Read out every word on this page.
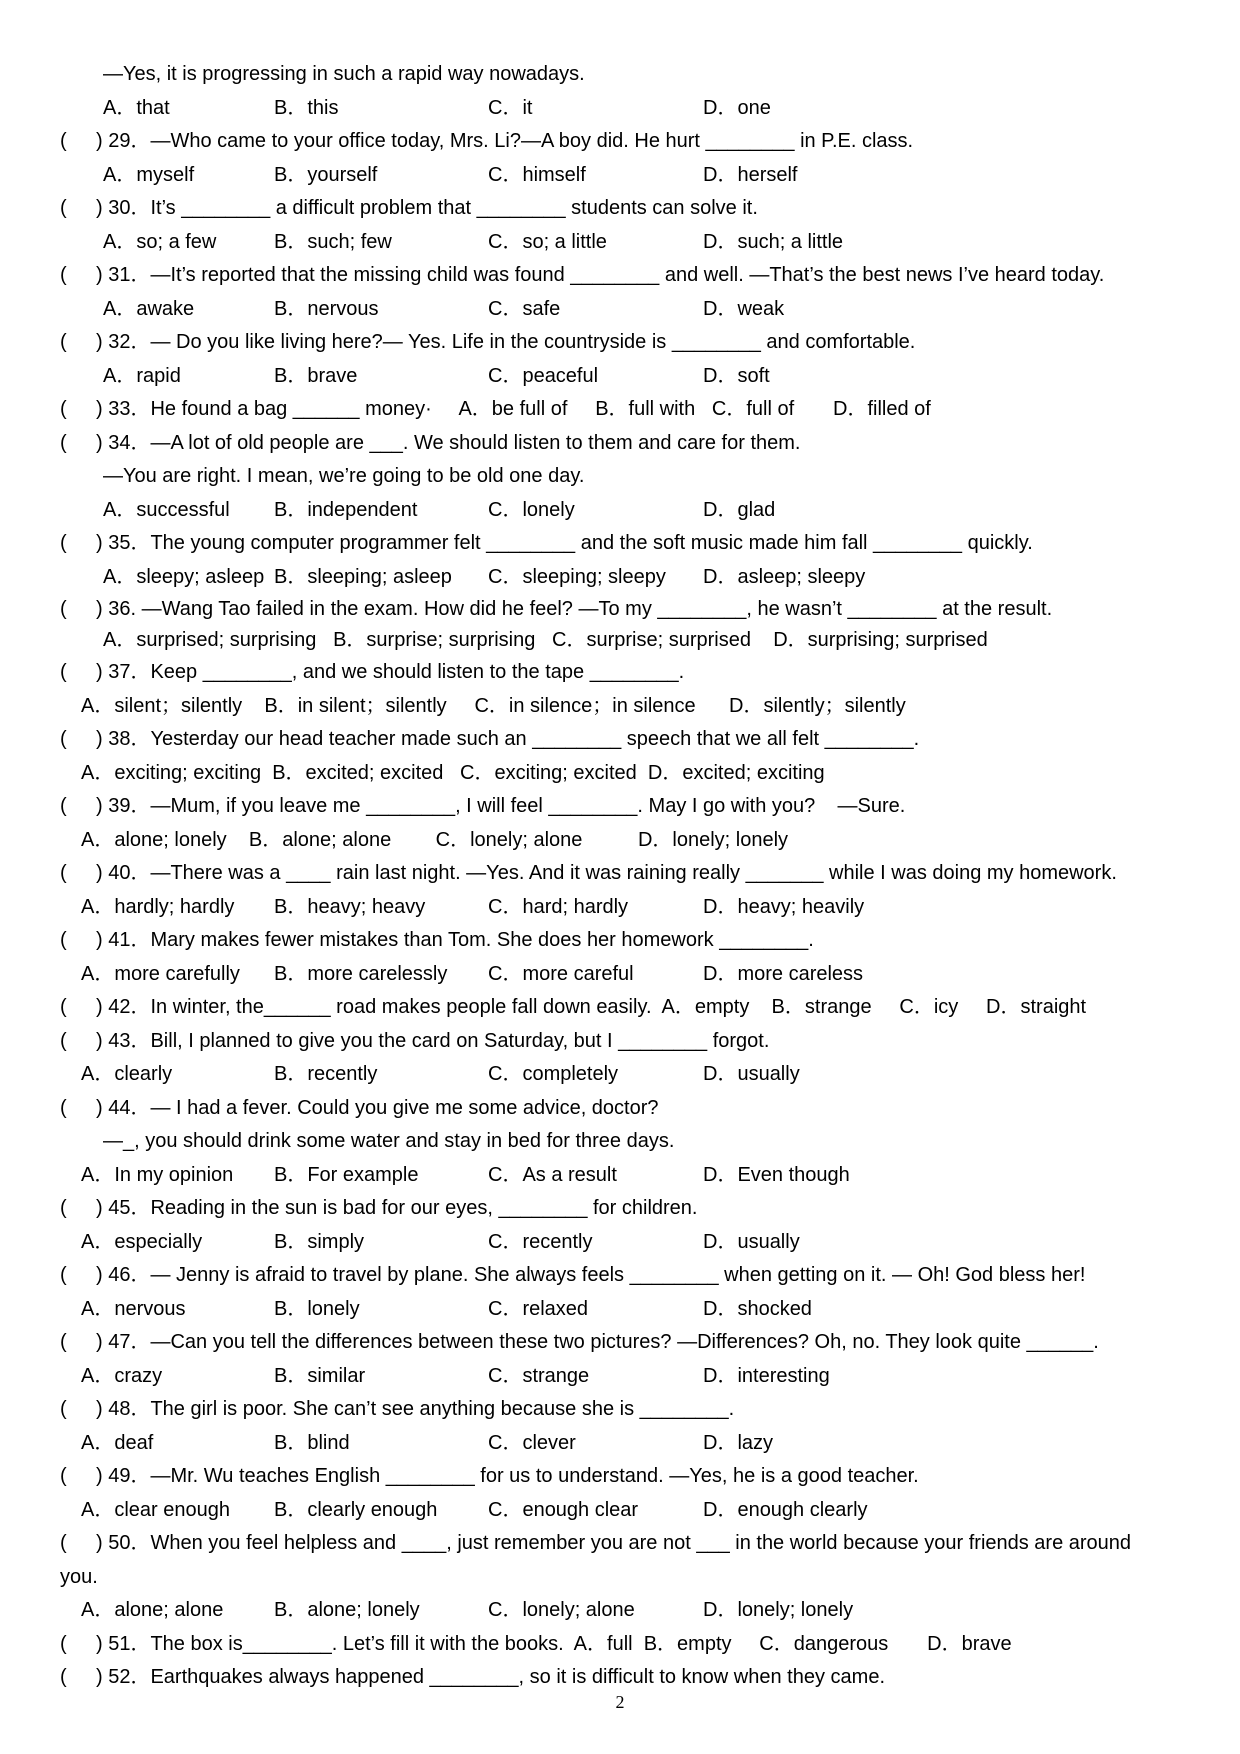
—Yes, it is progressing in such a rapid way nowadays.
A．that	B．this	C．it	D．one
( ) 29．—Who came to your office today, Mrs. Li?—A boy did. He hurt ________ in P.E. class.
A．myself	B．yourself	C．himself	D．herself
( ) 30．It’s ________ a difficult problem that ________ students can solve it.
A．so; a few	B．such; few	C．so; a little	D．such; a little
( ) 31．—It’s reported that the missing child was found ________ and well. —That’s the best news I’ve heard today.
A．awake	B．nervous	C．safe	D．weak
( ) 32．— Do you like living here?— Yes. Life in the countryside is ________ and comfortable.
A．rapid	B．brave	C．peaceful	D．soft
( ) 33．He found a bag ______ money·     A．be full of     B．full with   C．full of       D．filled of
( ) 34．—A lot of old people are ___. We should listen to them and care for them.
—You are right. I mean, we’re going to be old one day.
A．successful B．independent	C．lonely	D．glad
( ) 35．The young computer programmer felt ________ and the soft music made him fall ________ quickly.
A．sleepy; asleep B．sleeping; asleep C．sleeping; sleepy D．asleep; sleepy
( ) 36. —Wang Tao failed in the exam. How did he feel? —To my ________, he wasn’t ________ at the result.
A．surprised; surprising   B．surprise; surprising   C．surprise; surprised    D．surprising; surprised
( ) 37．Keep ________, and we should listen to the tape ________.
A．silent；silently    B．in silent；silently     C．in silence；in silence      D．silently；silently
( ) 38．Yesterday our head teacher made such an ________ speech that we all felt ________.
A．exciting; exciting  B．excited; excited   C．exciting; excited  D．excited; exciting
( ) 39．—Mum, if you leave me ________, I will feel ________. May I go with you?    —Sure.
A．alone; lonely    B．alone; alone        C．lonely; alone          D．lonely; lonely
( ) 40．—There was a ____ rain last night. —Yes. And it was raining really _______ while I was doing my homework.
A．hardly; hardly B．heavy; heavy	C．hard; hardly	D．heavy; heavily
( ) 41．Mary makes fewer mistakes than Tom. She does her homework ________.
A．more carefully B．more carelessly C．more careful	D．more careless
( ) 42．In winter, the______ road makes people fall down easily.  A．empty    B．strange     C．icy     D．straight
( ) 43．Bill, I planned to give you the card on Saturday, but I ________ forgot.
A．clearly	B．recently	C．completely	D．usually
( ) 44．— I had a fever. Could you give me some advice, doctor?
—_, you should drink some water and stay in bed for three days.
A．In my opinion B．For example	C．As a result	D．Even though
( ) 45．Reading in the sun is bad for our eyes, ________ for children.
A．especially	B．simply	C．recently	D．usually
( ) 46．— Jenny is afraid to travel by plane. She always feels ________ when getting on it. — Oh! God bless her!
A．nervous	B．lonely	C．relaxed	D．shocked
( ) 47．—Can you tell the differences between these two pictures? —Differences? Oh, no. They look quite ______.
A．crazy	B．similar	C．strange	D．interesting
( ) 48．The girl is poor. She can’t see anything because she is ________.
A．deaf	B．blind	C．clever	D．lazy
( ) 49．—Mr. Wu teaches English ________ for us to understand. —Yes, he is a good teacher.
A．clear enough B．clearly enough	C．enough clear	D．enough clearly
( ) 50．When you feel helpless and ____, just remember you are not ___ in the world because your friends are around
you.
A．alone; alone	B．alone; lonely	C．lonely; alone	D．lonely; lonely
( ) 51．The box is________. Let’s fill it with the books.  A．full  B．empty     C．dangerous       D．brave
( ) 52．Earthquakes always happened ________, so it is difficult to know when they came.
2
